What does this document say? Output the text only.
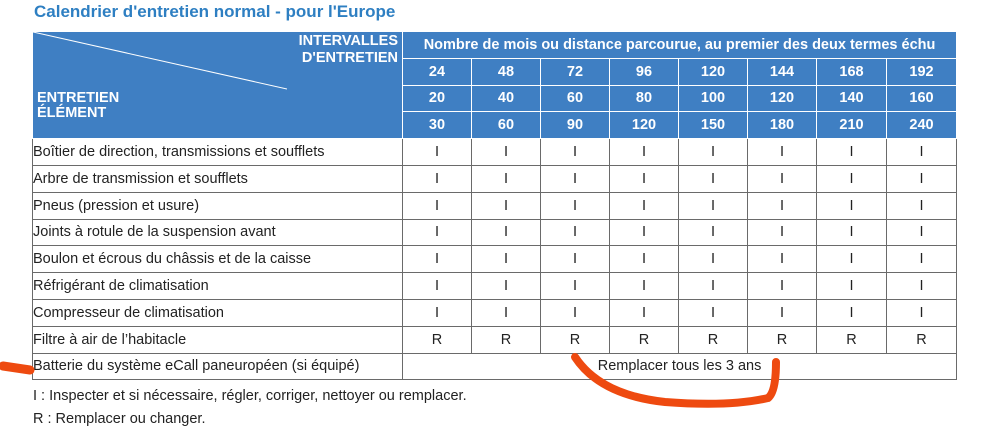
Calendrier d'entretien normal - pour l'Europe
INTERVALLES
D'ENTRETIEN
ENTRETIEN
ÉLÉMENT	Nombre de mois ou distance parcourue, au premier des deux termes échu							
	24	48	72	96	120	144	168	192
	20	40	60	80	100	120	140	160
	30	60	90	120	150	180	210	240
Boîtier de direction, transmissions et soufflets	I	I	I	I	I	I	I	I
Arbre de transmission et soufflets	I	I	I	I	I	I	I	I
Pneus (pression et usure)	I	I	I	I	I	I	I	I
Joints à rotule de la suspension avant	I	I	I	I	I	I	I	I
Boulon et écrous du châssis et de la caisse	I	I	I	I	I	I	I	I
Réfrigérant de climatisation	I	I	I	I	I	I	I	I
Compresseur de climatisation	I	I	I	I	I	I	I	I
Filtre à air de l’habitacle	R	R	R	R	R	R	R	R
Batterie du système eCall paneuropéen (si équipé)	Remplacer tous les 3 ans							
I : Inspecter et si nécessaire, régler, corriger, nettoyer ou remplacer.
R : Remplacer ou changer.
